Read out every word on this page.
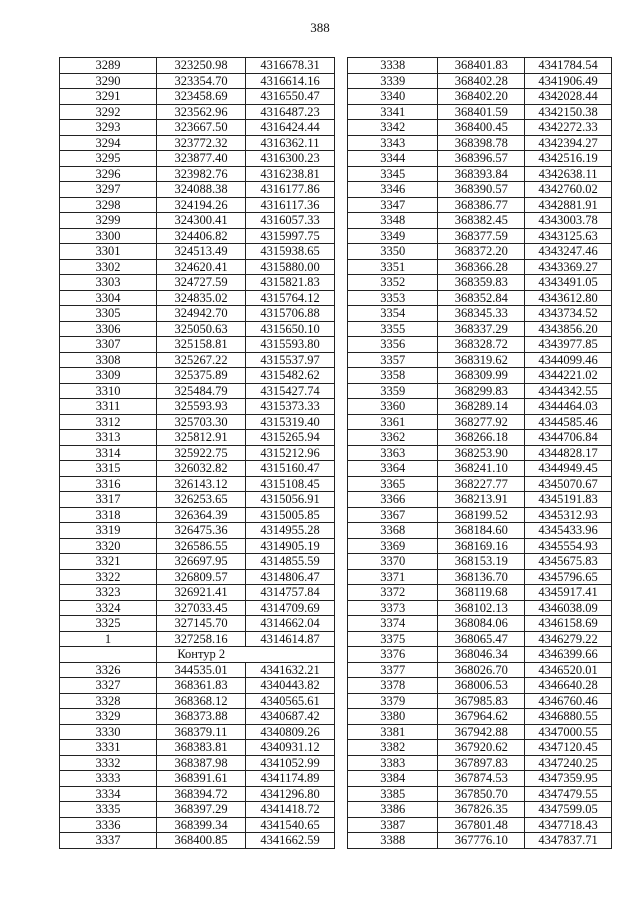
388
3289	323250.98	4316678.31
3290	323354.70	4316614.16
3291	323458.69	4316550.47
3292	323562.96	4316487.23
3293	323667.50	4316424.44
3294	323772.32	4316362.11
3295	323877.40	4316300.23
3296	323982.76	4316238.81
3297	324088.38	4316177.86
3298	324194.26	4316117.36
3299	324300.41	4316057.33
3300	324406.82	4315997.75
3301	324513.49	4315938.65
3302	324620.41	4315880.00
3303	324727.59	4315821.83
3304	324835.02	4315764.12
3305	324942.70	4315706.88
3306	325050.63	4315650.10
3307	325158.81	4315593.80
3308	325267.22	4315537.97
3309	325375.89	4315482.62
3310	325484.79	4315427.74
3311	325593.93	4315373.33
3312	325703.30	4315319.40
3313	325812.91	4315265.94
3314	325922.75	4315212.96
3315	326032.82	4315160.47
3316	326143.12	4315108.45
3317	326253.65	4315056.91
3318	326364.39	4315005.85
3319	326475.36	4314955.28
3320	326586.55	4314905.19
3321	326697.95	4314855.59
3322	326809.57	4314806.47
3323	326921.41	4314757.84
3324	327033.45	4314709.69
3325	327145.70	4314662.04
1	327258.16	4314614.87
	Контур 2	
3326	344535.01	4341632.21
3327	368361.83	4340443.82
3328	368368.12	4340565.61
3329	368373.88	4340687.42
3330	368379.11	4340809.26
3331	368383.81	4340931.12
3332	368387.98	4341052.99
3333	368391.61	4341174.89
3334	368394.72	4341296.80
3335	368397.29	4341418.72
3336	368399.34	4341540.65
3337	368400.85	4341662.59
3338	368401.83	4341784.54
3339	368402.28	4341906.49
3340	368402.20	4342028.44
3341	368401.59	4342150.38
3342	368400.45	4342272.33
3343	368398.78	4342394.27
3344	368396.57	4342516.19
3345	368393.84	4342638.11
3346	368390.57	4342760.02
3347	368386.77	4342881.91
3348	368382.45	4343003.78
3349	368377.59	4343125.63
3350	368372.20	4343247.46
3351	368366.28	4343369.27
3352	368359.83	4343491.05
3353	368352.84	4343612.80
3354	368345.33	4343734.52
3355	368337.29	4343856.20
3356	368328.72	4343977.85
3357	368319.62	4344099.46
3358	368309.99	4344221.02
3359	368299.83	4344342.55
3360	368289.14	4344464.03
3361	368277.92	4344585.46
3362	368266.18	4344706.84
3363	368253.90	4344828.17
3364	368241.10	4344949.45
3365	368227.77	4345070.67
3366	368213.91	4345191.83
3367	368199.52	4345312.93
3368	368184.60	4345433.96
3369	368169.16	4345554.93
3370	368153.19	4345675.83
3371	368136.70	4345796.65
3372	368119.68	4345917.41
3373	368102.13	4346038.09
3374	368084.06	4346158.69
3375	368065.47	4346279.22
3376	368046.34	4346399.66
3377	368026.70	4346520.01
3378	368006.53	4346640.28
3379	367985.83	4346760.46
3380	367964.62	4346880.55
3381	367942.88	4347000.55
3382	367920.62	4347120.45
3383	367897.83	4347240.25
3384	367874.53	4347359.95
3385	367850.70	4347479.55
3386	367826.35	4347599.05
3387	367801.48	4347718.43
3388	367776.10	4347837.71
